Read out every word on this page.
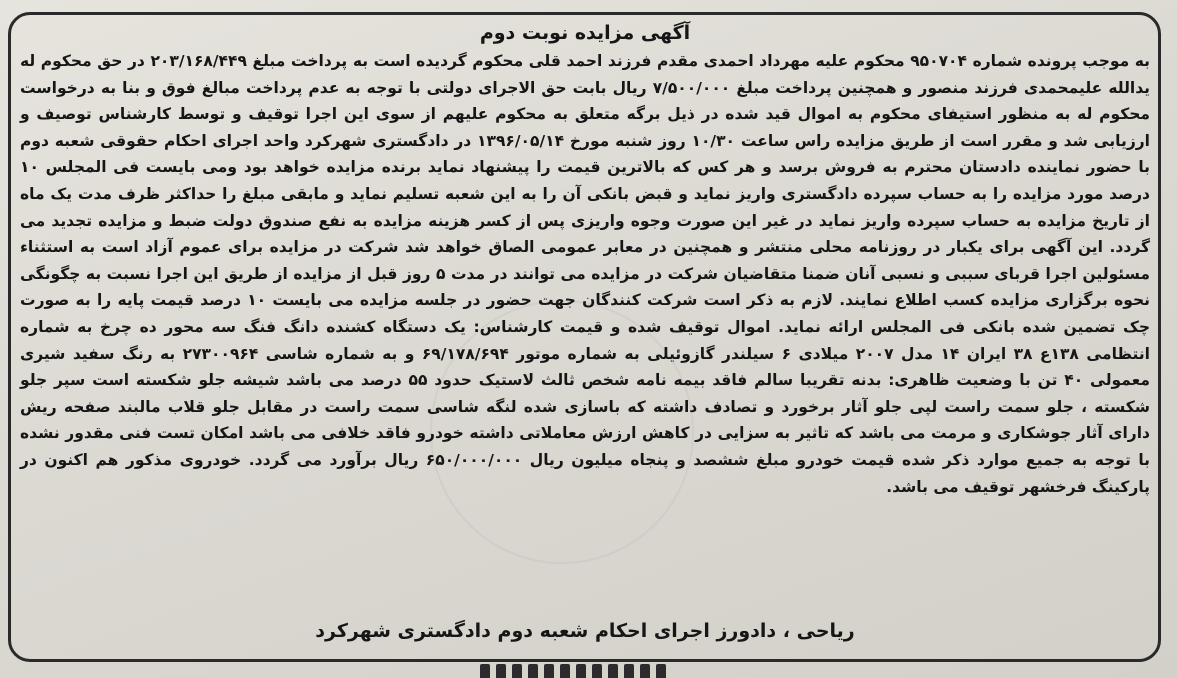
آگهی مزایده نوبت دوم

به موجب پرونده شماره ۹۵۰۷۰۴ محکوم علیه مهرداد احمدی مقدم فرزند احمد قلی محکوم گردیده است به پرداخت مبلغ ۲۰۳/۱۶۸/۴۴۹ در حق محکوم له یدالله علیمحمدی فرزند منصور و همچنین پرداخت مبلغ ۷/۵۰۰/۰۰۰ ریال بابت حق الاجرای دولتی با توجه به عدم پرداخت مبالغ فوق و بنا به درخواست محکوم له به منظور استیفای محکوم به اموال قید شده در ذیل برگه متعلق به محکوم علیهم از سوی این اجرا توقیف و توسط کارشناس توصیف و ارزیابی شد و مقرر است از طریق مزایده راس ساعت ۱۰/۳۰ روز شنبه مورخ ۱۳۹۶/۰۵/۱۴ در دادگستری شهرکرد واحد اجرای احکام حقوقی شعبه دوم با حضور نماینده دادستان محترم به فروش برسد و هر کس که بالاترین قیمت را پیشنهاد نماید برنده مزایده خواهد بود ومی بایست فی المجلس ۱۰ درصد مورد مزایده را به حساب سپرده دادگستری واریز نماید و قبض بانکی آن را به این شعبه تسلیم نماید و مابقی مبلغ را حداکثر ظرف مدت یک ماه از تاریخ مزایده به حساب سپرده واریز نماید در غیر این صورت وجوه واریزی پس از کسر هزینه مزایده به نفع صندوق دولت ضبط و مزایده تجدید می گردد. این آگهی برای یکبار در روزنامه محلی منتشر و همچنین در معابر عمومی الصاق خواهد شد شرکت در مزایده برای عموم آزاد است به استثناء مسئولین اجرا قربای سببی و نسبی آنان ضمنا متقاضیان شرکت در مزایده می توانند در مدت ۵ روز قبل از مزایده از طریق این اجرا نسبت به چگونگی نحوه برگزاری مزایده کسب اطلاع نمایند. لازم به ذکر است شرکت کنندگان جهت حضور در جلسه مزایده می بایست ۱۰ درصد قیمت پایه را به صورت چک تضمین شده بانکی فی المجلس ارائه نماید. اموال توقیف شده و قیمت کارشناس: یک دستگاه کشنده دانگ فنگ سه محور ده چرخ به شماره انتظامی ۱۳۸ع ۳۸ ایران ۱۴ مدل ۲۰۰۷ میلادی ۶ سیلندر گازوئیلی به شماره موتور ۶۹/۱۷۸/۶۹۴ و به شماره شاسی ۲۷۳۰۰۹۶۴ به رنگ سفید شیری معمولی ۴۰ تن با وضعیت ظاهری: بدنه تقریبا سالم فاقد بیمه نامه شخص ثالث لاستیک حدود ۵۵ درصد می باشد شیشه جلو شکسته است سپر جلو شکسته ، جلو سمت راست لپی جلو آثار برخورد و تصادف داشته که باسازی شده لنگه شاسی سمت راست در مقابل جلو قلاب مالبند صفحه ریش دارای آثار جوشکاری و مرمت می باشد که تاثیر به سزایی در کاهش ارزش معاملاتی داشته خودرو فاقد خلافی می باشد امکان تست فنی مقدور نشده با توجه به جمیع موارد ذکر شده قیمت خودرو مبلغ ششصد و پنجاه میلیون ریال ۶۵۰/۰۰۰/۰۰۰ ریال برآورد می گردد. خودروی مذکور هم اکنون در پارکینگ فرخشهر توقیف می باشد.

ریاحی ، دادورز اجرای احکام شعبه دوم دادگستری شهرکرد
